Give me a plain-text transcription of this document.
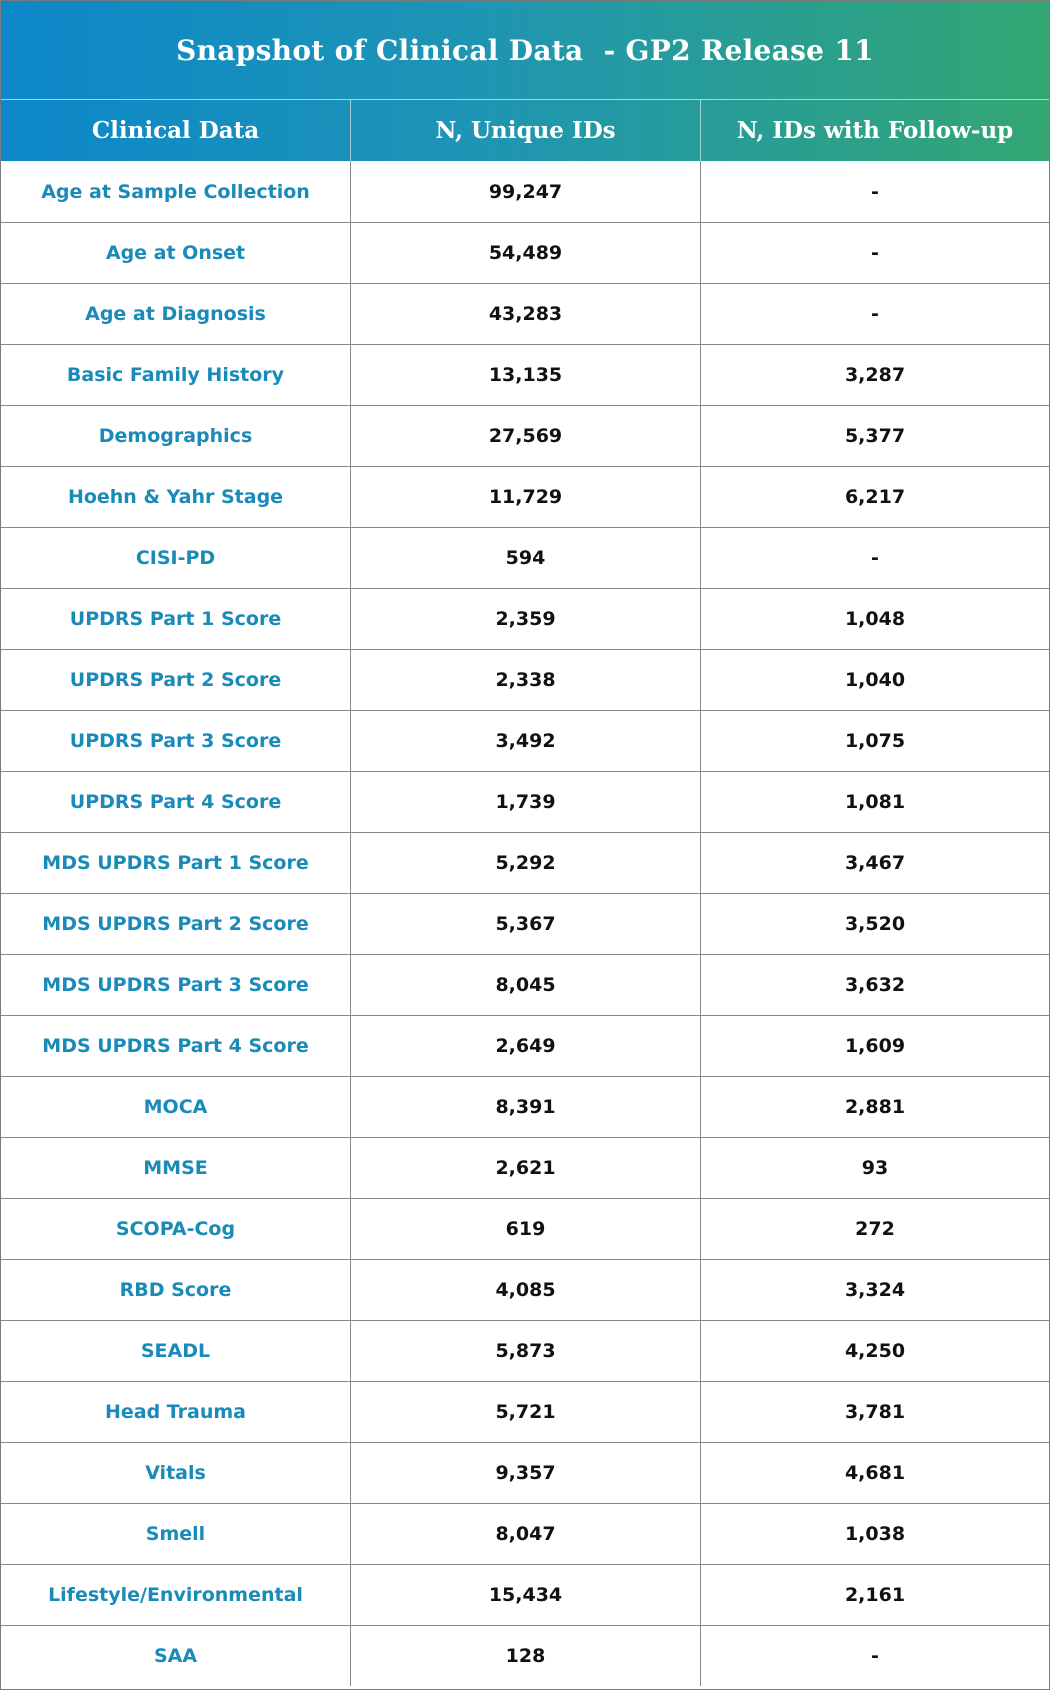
Snapshot of Clinical Data  - GP2 Release 11
Clinical Data	N, Unique IDs	N, IDs with Follow-up
Age at Sample Collection	99,247	-
Age at Onset	54,489	-
Age at Diagnosis	43,283	-
Basic Family History	13,135	3,287
Demographics	27,569	5,377
Hoehn & Yahr Stage	11,729	6,217
CISI-PD	594	-
UPDRS Part 1 Score	2,359	1,048
UPDRS Part 2 Score	2,338	1,040
UPDRS Part 3 Score	3,492	1,075
UPDRS Part 4 Score	1,739	1,081
MDS UPDRS Part 1 Score	5,292	3,467
MDS UPDRS Part 2 Score	5,367	3,520
MDS UPDRS Part 3 Score	8,045	3,632
MDS UPDRS Part 4 Score	2,649	1,609
MOCA	8,391	2,881
MMSE	2,621	93
SCOPA-Cog	619	272
RBD Score	4,085	3,324
SEADL	5,873	4,250
Head Trauma	5,721	3,781
Vitals	9,357	4,681
Smell	8,047	1,038
Lifestyle/Environmental	15,434	2,161
SAA	128	-
